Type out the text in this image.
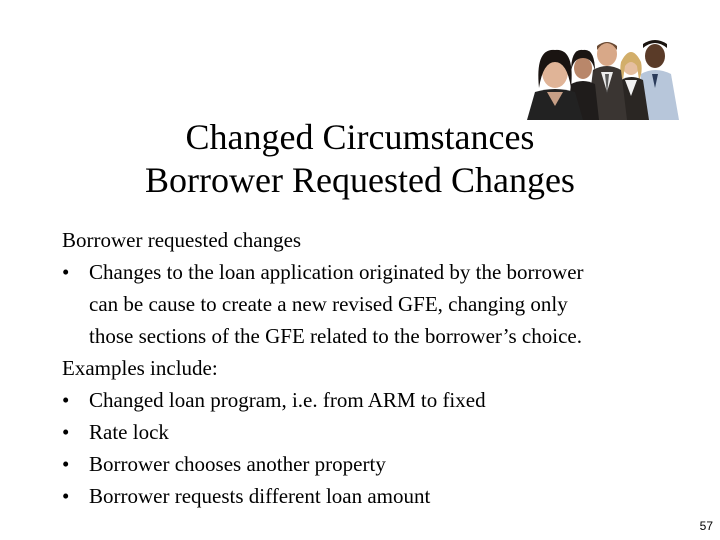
Changed Circumstances
Borrower Requested Changes
Borrower requested changes
• Changes to the loan application originated by the borrower
can be cause to create a new revised GFE, changing only
those sections of the GFE related to the borrower’s choice.
Examples include:
• Changed loan program, i.e. from ARM to fixed
• Rate lock
• Borrower chooses another property
• Borrower requests different loan amount
57
